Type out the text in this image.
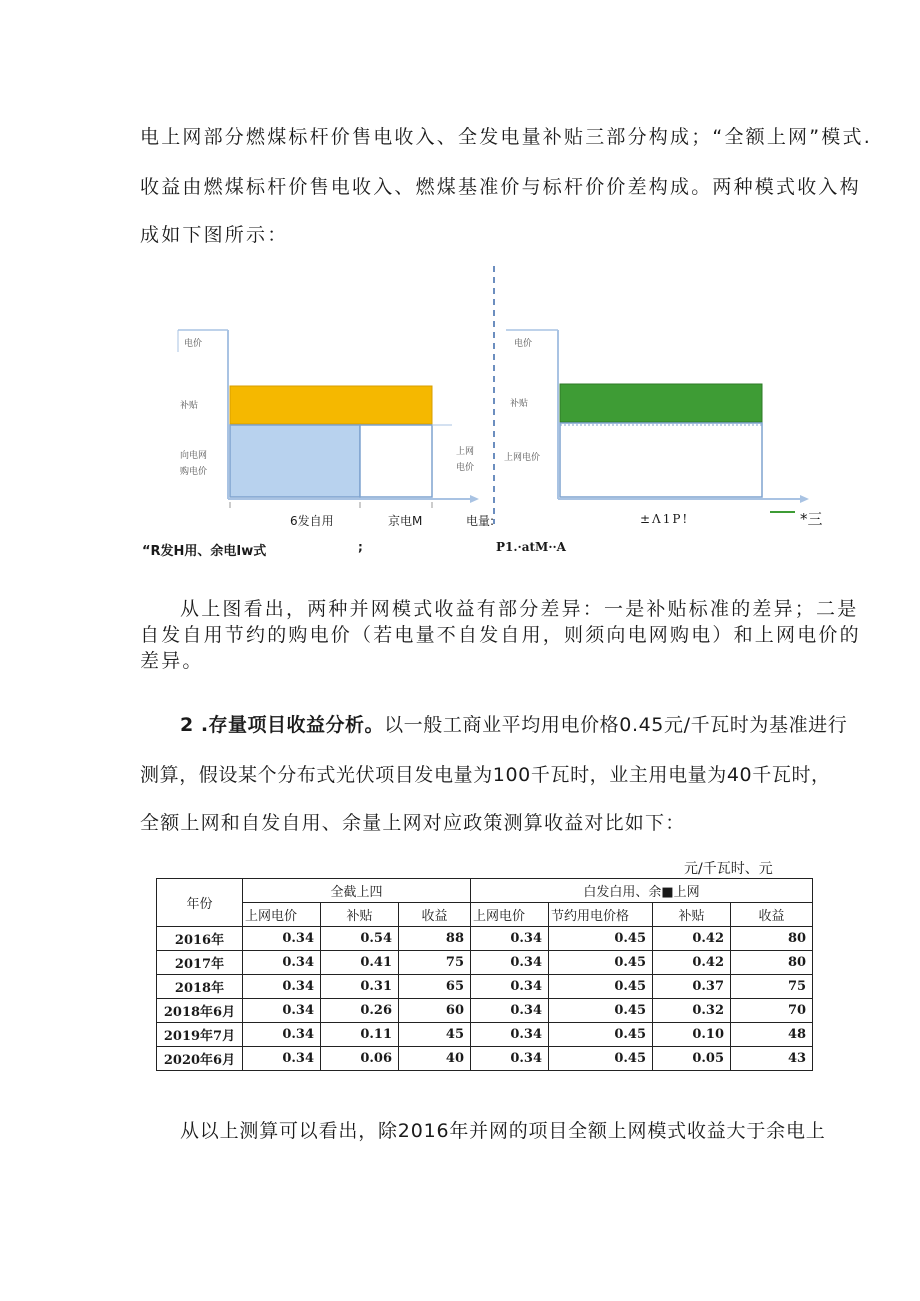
电上网部分燃煤标杆价售电收入、全发电量补贴三部分构成；“全额上网”模式.
收益由燃煤标杆价售电收入、燃煤基准价与标杆价价差构成。两种模式收入构
成如下图所示：
电价
补贴
向电网
购电价
上网
电价
电价
补贴
上网电价
6发自用	京电M	电量:	±Λ1P!	*三
“R发H用、余电Iw式	;	P1.·atM··A
从上图看出，两种并网模式收益有部分差异：一是补贴标准的差异；二是
自发自用节约的购电价（若电量不自发自用，则须向电网购电）和上网电价的
差异。
2 .存量项目收益分析。以一般工商业平均用电价格0.45元/千瓦时为基准进行
测算，假设某个分布式光伏项目发电量为100千瓦时，业主用电量为40千瓦时，
全额上网和自发自用、余量上网对应政策测算收益对比如下：
元/千瓦时、元
年份	全截上四			白发白用、余■上网			
	上网电价	补贴	收益	上网电价	节约用电价格	补贴	收益
2016年	0.34	0.54	88	0.34	0.45	0.42	80
2017年	0.34	0.41	75	0.34	0.45	0.42	80
2018年	0.34	0.31	65	0.34	0.45	0.37	75
2018年6月	0.34	0.26	60	0.34	0.45	0.32	70
2019年7月	0.34	0.11	45	0.34	0.45	0.10	48
2020年6月	0.34	0.06	40	0.34	0.45	0.05	43
从以上测算可以看出，除2016年并网的项目全额上网模式收益大于余电上
